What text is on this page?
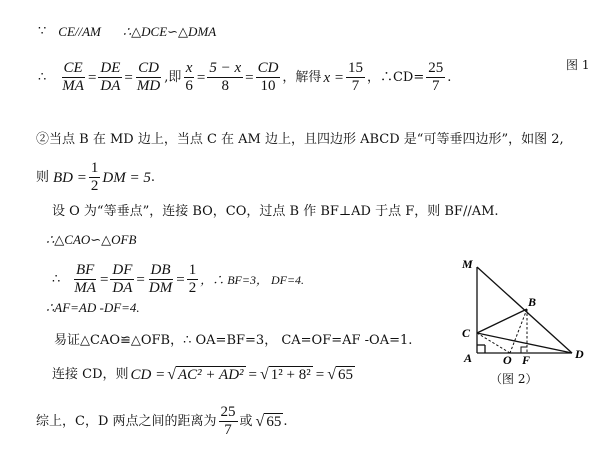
∵ CE//AM ∴△DCE∽△DMA
∴ $\frac{CE}{MA} = \frac{DE}{DA} = \frac{CD}{MD}$ ,即 $\frac{x}{6} = \frac{5 - x}{8} = \frac{CD}{10}$ ，解得 $x = \frac{15}{7}$ ，∴CD= $\frac{25}{7}$ .
图 1
②当点 B 在 MD 边上，当点 C 在 AM 边上，且四边形 ABCD 是“可等垂四边形”，如图 2,
则 BD = $\frac{1}{2}$ DM = 5 .
设 O 为“等垂点”，连接 BO，CO，过点 B 作 BF⊥AD 于点 F，则 BF//AM.
∴△CAO∽△OFB
∴ $\frac{BF}{MA} = \frac{DF}{DA} = \frac{DB}{DM} = \frac{1}{2}$ ，∴ BF=3， DF=4.
∴AF=AD -DF=4.
易证△CAO≌△OFB，∴ OA=BF=3， CA=OF=AF -OA=1.
连接 CD，则 CD = √ AC² + AD² = √ 1² + 8² = √ 65
综上，C，D 两点之间的距离为 $\frac{25}{7}$ 或 √ 65 .
M
B
C
A	O F	D
（图 2）
